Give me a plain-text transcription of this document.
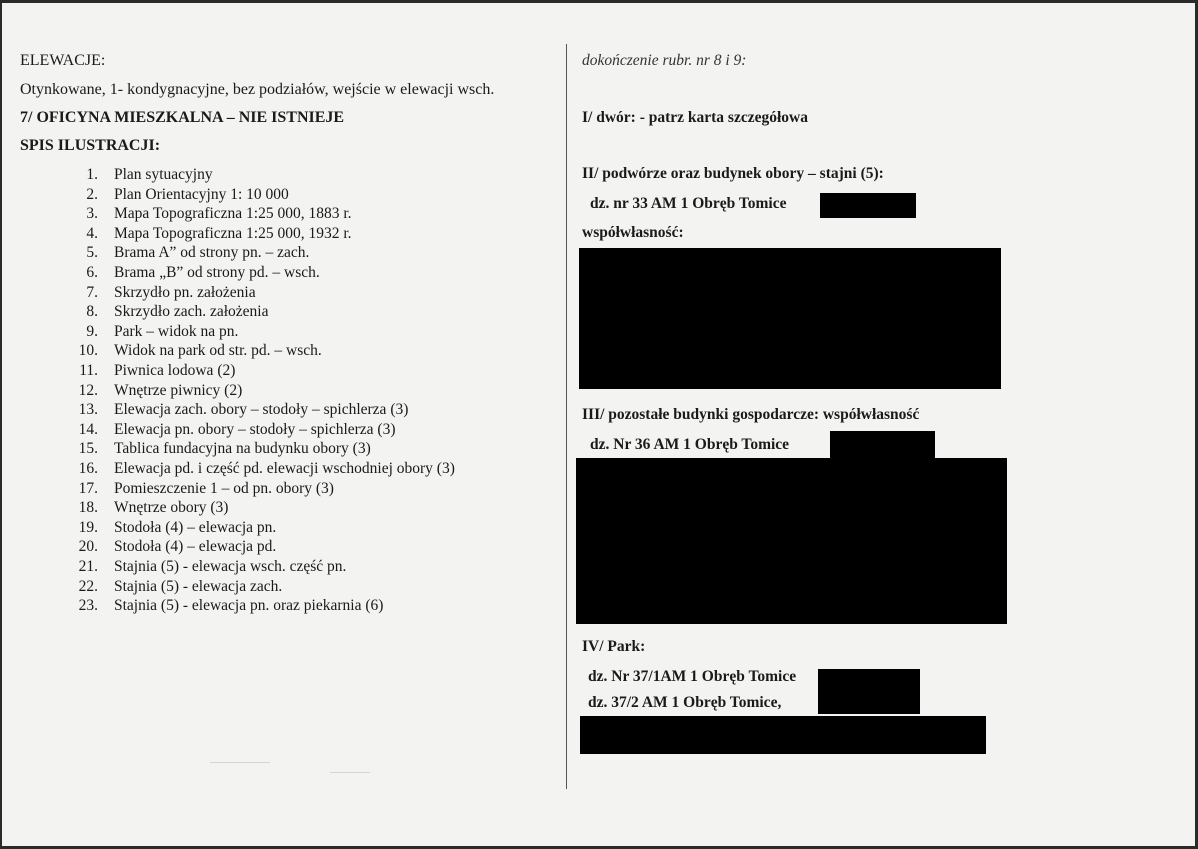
ELEWACJE:
Otynkowane, 1- kondygnacyjne, bez podziałów, wejście w elewacji wsch.
7/ OFICYNA MIESZKALNA – NIE ISTNIEJE
SPIS ILUSTRACJI:
1. Plan sytuacyjny
2. Plan Orientacyjny 1: 10 000
3. Mapa Topograficzna 1:25 000, 1883 r.
4. Mapa Topograficzna 1:25 000, 1932 r.
5. Brama A” od strony pn. – zach.
6. Brama „B” od strony pd. – wsch.
7. Skrzydło pn. założenia
8. Skrzydło zach. założenia
9. Park – widok na pn.
10. Widok na park od str. pd. – wsch.
11. Piwnica lodowa (2)
12. Wnętrze piwnicy (2)
13. Elewacja zach. obory – stodoły – spichlerza (3)
14. Elewacja pn. obory – stodoły – spichlerza (3)
15. Tablica fundacyjna na budynku obory (3)
16. Elewacja pd. i część pd. elewacji wschodniej obory (3)
17. Pomieszczenie 1 – od pn. obory (3)
18. Wnętrze obory (3)
19. Stodoła (4) – elewacja pn.
20. Stodoła (4) – elewacja pd.
21. Stajnia (5) - elewacja wsch. część pn.
22. Stajnia (5) - elewacja zach.
23. Stajnia (5) - elewacja pn. oraz piekarnia (6)
dokończenie rubr. nr 8 i 9:
I/ dwór: - patrz karta szczegółowa
II/ podwórze oraz budynek obory – stajni (5):
dz. nr 33 AM 1 Obręb Tomice
współwłasność:
III/ pozostałe budynki gospodarcze: współwłasność
dz. Nr 36 AM 1 Obręb Tomice
IV/ Park:
dz. Nr 37/1AM 1 Obręb Tomice
dz. 37/2 AM 1 Obręb Tomice,
